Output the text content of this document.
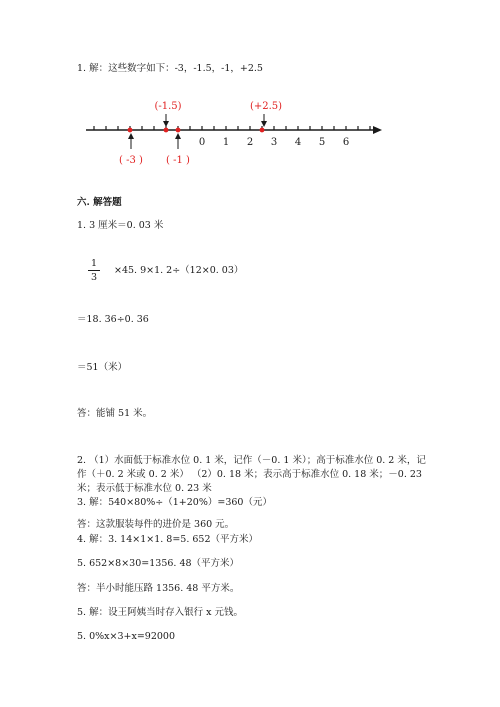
1. 解：这些数字如下：-3，-1.5，-1，+2.5
0 1 2 3 4 5 6
(-1.5)	(+2.5)
( -3 ) ( -1 )
六. 解答题
1. 3 厘米＝0. 03 米
1
3
×45. 9×1. 2÷（12×0. 03）
＝18. 36÷0. 36
＝51（米）
答：能铺 51 米。
2. （1）水面低于标准水位 0. 1 米，记作（－0. 1 米）；高于标准水位 0. 2 米，记
作（＋0. 2 米或 0. 2 米） （2）0. 18 米；表示高于标准水位 0. 18 米；－0. 23
米；表示低于标准水位 0. 23 米
3. 解：540×80%÷（1+20%）=360（元）
答：这款服装每件的进价是 360 元。
4. 解：3. 14×1×1. 8=5. 652（平方米）
5. 652×8×30=1356. 48（平方米）
答：半小时能压路 1356. 48 平方米。
5. 解：设王阿姨当时存入银行 x 元钱。
5. 0%x×3+x=92000
